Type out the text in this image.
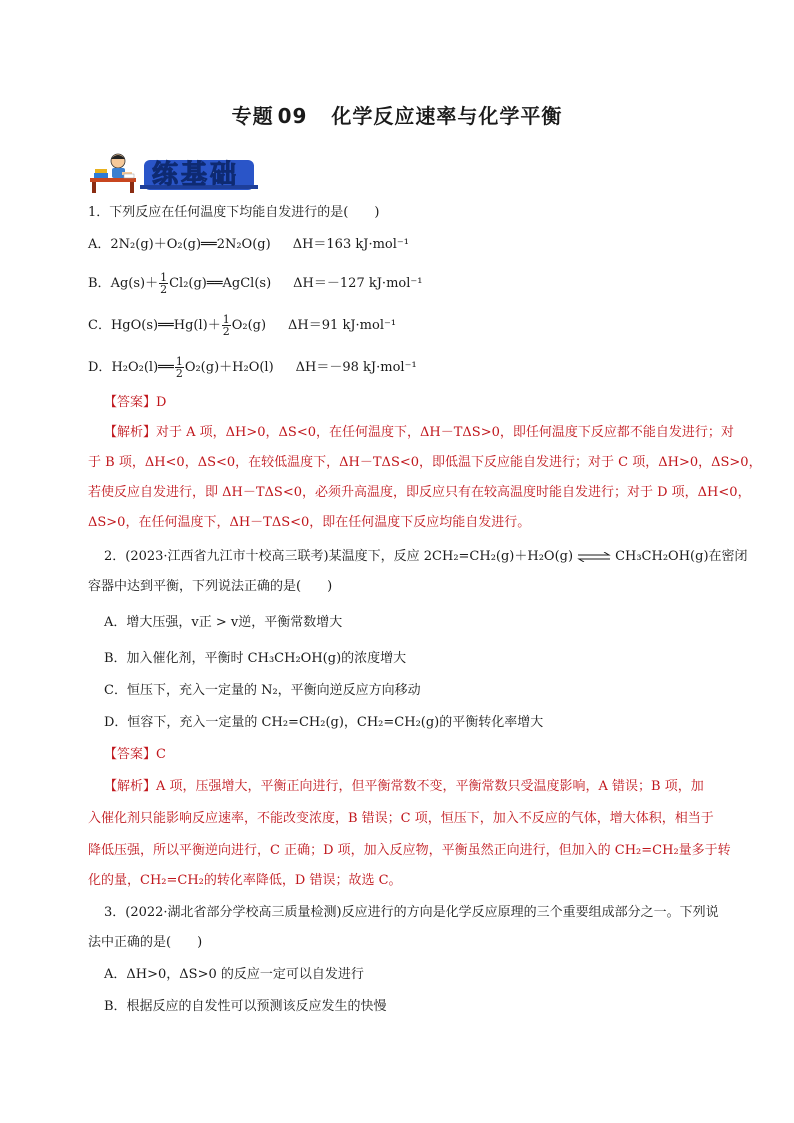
专题 09 化学反应速率与化学平衡
练基础
1．下列反应在任何温度下均能自发进行的是(　　)
A．2N₂(g)＋O₂(g)══2N₂O(g) ΔH＝163 kJ·mol⁻¹
B．$Ag(s)+ \frac{1}{2}$ Cl₂(g)══AgCl(s) ΔH＝－127 kJ·mol⁻¹
C．HgO(s)══Hg(l)＋ $\frac{1}{2} O_2(g)$ ΔH＝91 kJ·mol⁻¹
D．H₂O₂(l)══ $\frac{1}{2} O_2(g)+H_2O(l)$ ΔH＝－98 kJ·mol⁻¹
【答案】D
【解析】对于 A 项，ΔH>0，ΔS<0，在任何温度下，ΔH－TΔS>0，即任何温度下反应都不能自发进行；对
于 B 项，ΔH<0，ΔS<0，在较低温度下，ΔH－TΔS<0，即低温下反应能自发进行；对于 C 项，ΔH>0，ΔS>0，
若使反应自发进行，即 ΔH－TΔS<0，必须升高温度，即反应只有在较高温度时能自发进行；对于 D 项，ΔH<0，
ΔS>0，在任何温度下，ΔH－TΔS<0，即在任何温度下反应均能自发进行。
2．(2023·江西省九江市十校高三联考)某温度下，反应 2CH₂=CH₂(g)＋H₂O(g) ⇌ CH₃CH₂OH(g)在密闭
容器中达到平衡，下列说法正确的是(　　)
A．增大压强，v正 > v逆，平衡常数增大
B．加入催化剂，平衡时 CH₃CH₂OH(g)的浓度增大
C．恒压下，充入一定量的 N₂，平衡向逆反应方向移动
D．恒容下，充入一定量的 CH₂=CH₂(g)，CH₂=CH₂(g)的平衡转化率增大
【答案】C
【解析】A 项，压强增大，平衡正向进行，但平衡常数不变，平衡常数只受温度影响，A 错误；B 项，加
入催化剂只能影响反应速率，不能改变浓度，B 错误；C 项，恒压下，加入不反应的气体，增大体积，相当于
降低压强，所以平衡逆向进行，C 正确；D 项，加入反应物，平衡虽然正向进行，但加入的 CH₂=CH₂量多于转
化的量，CH₂=CH₂的转化率降低，D 错误；故选 C。
3．(2022·湖北省部分学校高三质量检测)反应进行的方向是化学反应原理的三个重要组成部分之一。下列说
法中正确的是(　　)
A．ΔH>0，ΔS>0 的反应一定可以自发进行
B．根据反应的自发性可以预测该反应发生的快慢
